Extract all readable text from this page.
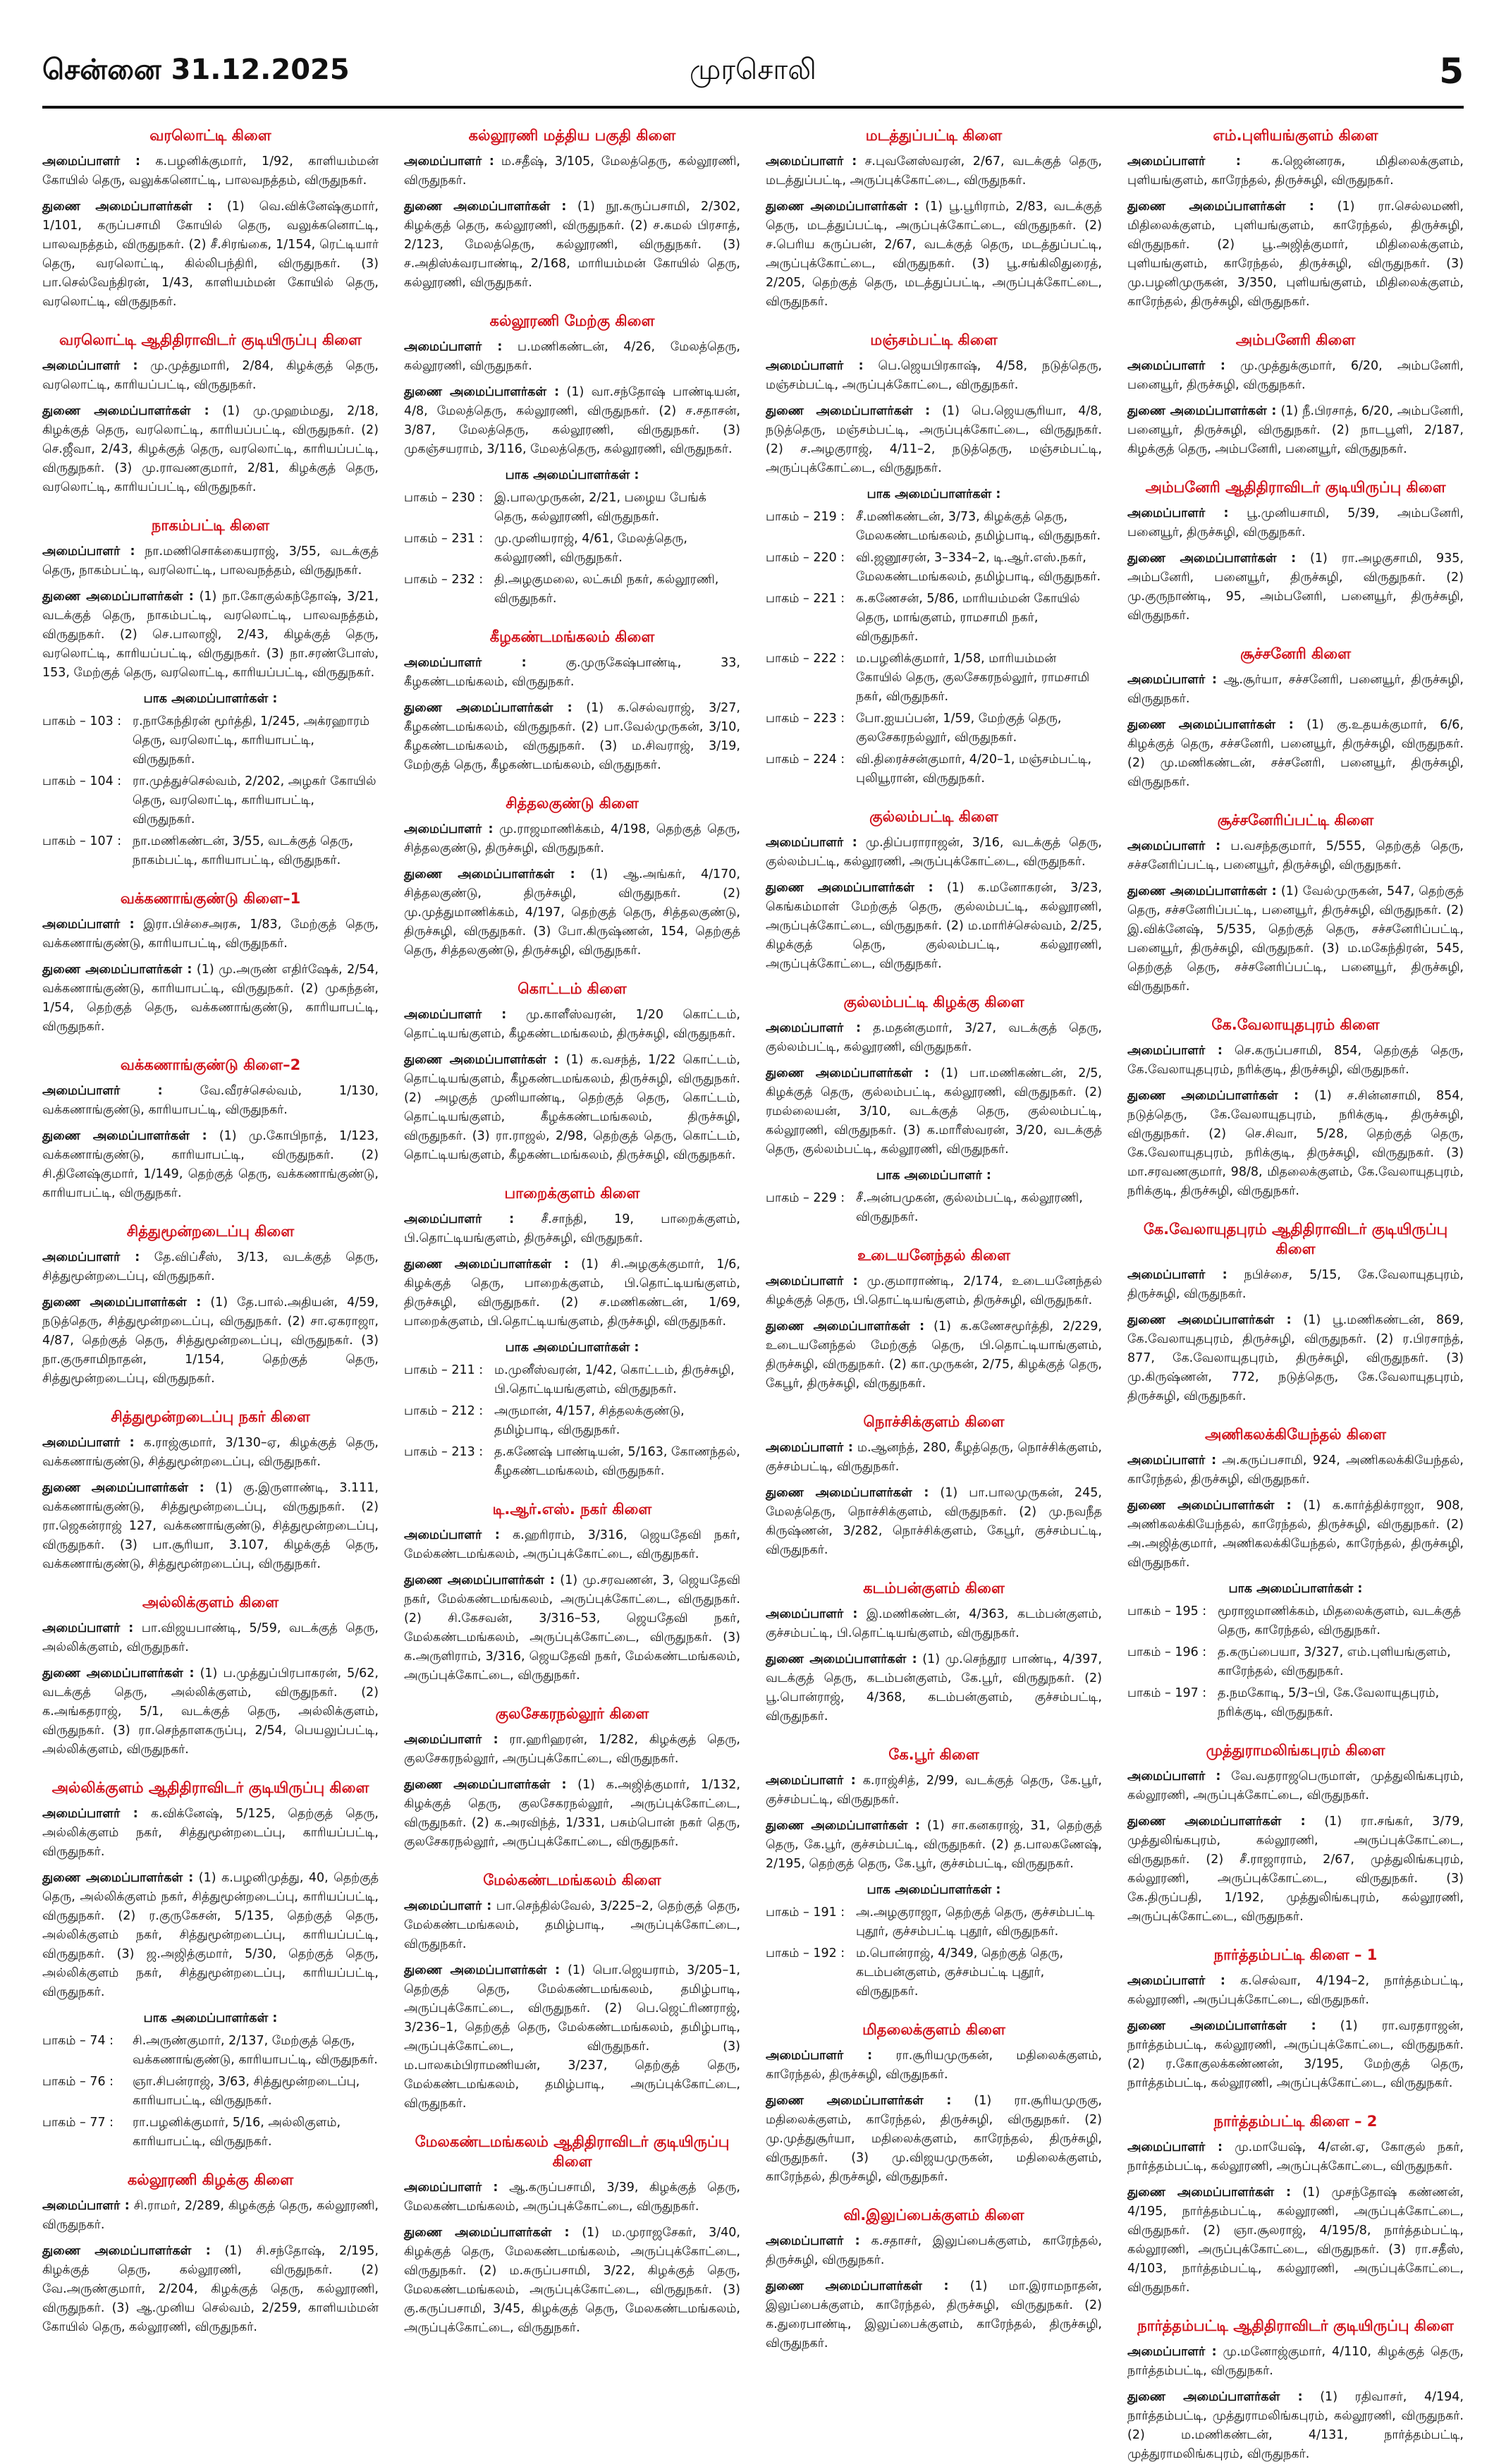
சென்னை 31.12.2025	முரசொலி	5
வரலொட்டி கிளை
அமைப்பாளர் : க.பழனிக்குமார், 1/92, காளியம்மன் கோயில் தெரு, வலுக்கனொட்டி, பாலவநத்தம், விருதுநகர்.
துணை அமைப்பாளர்கள் : (1) வெ.விக்னேஷ்குமார், 1/101, கருப்பசாமி கோயில் தெரு, வலுக்கனொட்டி, பாலவநத்தம், விருதுநகர். (2) சீ.சிரங்கை, 1/154, ரெட்டியார் தெரு, வரலொட்டி, கில்லிபந்திரி, விருதுநகர். (3) பா.செல்வேந்திரன், 1/43, காளியம்மன் கோயில் தெரு, வரலொட்டி, விருதுநகர்.
வரலொட்டி ஆதிதிராவிடர் குடியிருப்பு கிளை
அமைப்பாளர் : மு.முத்துமாரி, 2/84, கிழக்குத் தெரு, வரலொட்டி, காரியப்பட்டி, விருதுநகர்.
துணை அமைப்பாளர்கள் : (1) மு.முஹம்மது, 2/18, கிழக்குத் தெரு, வரலொட்டி, காரியப்பட்டி, விருதுநகர். (2) செ.ஜீவா, 2/43, கிழக்குத் தெரு, வரலொட்டி, காரியப்பட்டி, விருதுநகர். (3) மு.ராவணகுமார், 2/81, கிழக்குத் தெரு, வரலொட்டி, காரியப்பட்டி, விருதுநகர்.
நாகம்பட்டி கிளை
அமைப்பாளர் : நா.மணிசொக்கையராஜ், 3/55, வடக்குத் தெரு, நாகம்பட்டி, வரலொட்டி, பாலவநத்தம், விருதுநகர்.
துணை அமைப்பாளர்கள் : (1) நா.கோகுல்கந்தோஷ், 3/21, வடக்குத் தெரு, நாகம்பட்டி, வரலொட்டி, பாலவநத்தம், விருதுநகர். (2) செ.பாலாஜி, 2/43, கிழக்குத் தெரு, வரலொட்டி, காரியப்பட்டி, விருதுநகர். (3) நா.சரண்போஸ், 153, மேற்குத் தெரு, வரலொட்டி, காரியப்பட்டி, விருதுநகர்.
பாக அமைப்பாளர்கள் :
பாகம் – 103 : ர.நாகேந்திரன் மூர்த்தி, 1/245, அக்ரஹாரம் தெரு, வரலொட்டி, காரியாபட்டி, விருதுநகர்.
பாகம் – 104 : ரா.முத்துச்செல்வம், 2/202, அழகர் கோயில் தெரு, வரலொட்டி, காரியாபட்டி, விருதுநகர்.
பாகம் – 107 : நா.மணிகண்டன், 3/55, வடக்குத் தெரு, நாகம்பட்டி, காரியாபட்டி, விருதுநகர்.
வக்கணாங்குண்டு கிளை–1
அமைப்பாளர் : இரா.பிச்சைஅரசு, 1/83, மேற்குத் தெரு, வக்கணாங்குண்டு, காரியாபட்டி, விருதுநகர்.
துணை அமைப்பாளர்கள் : (1) மு.அருண் எதிர்ஷேக், 2/54, வக்கணாங்குண்டு, காரியாபட்டி, விருதுநகர். (2) முகந்தன், 1/54, தெற்குத் தெரு, வக்கணாங்குண்டு, காரியாபட்டி, விருதுநகர்.
வக்கணாங்குண்டு கிளை–2
அமைப்பாளர் :	வே.வீரச்செல்வம், 1/130, வக்கணாங்குண்டு, காரியாபட்டி, விருதுநகர்.
துணை அமைப்பாளர்கள் : (1) மு.கோபிநாத், 1/123, வக்கணாங்குண்டு, காரியாபட்டி, விருதுநகர். (2) சி.தினேஷ்குமார், 1/149, தெற்குத் தெரு, வக்கணாங்குண்டு, காரியாபட்டி, விருதுநகர்.
சித்துமூன்றடைப்பு கிளை
அமைப்பாளர் : தே.விப்சீஸ், 3/13, வடக்குத் தெரு, சித்துமூன்றடைப்பு, விருதுநகர்.
துணை அமைப்பாளர்கள் : (1) தே.பால்.அதியன், 4/59, நடுத்தெரு, சித்துமூன்றடைப்பு, விருதுநகர். (2) சா.ஏகராஜா, 4/87, தெற்குத் தெரு, சித்துமூன்றடைப்பு, விருதுநகர். (3) நா.குருசாமிநாதன், 1/154, தெற்குத் தெரு, சித்துமூன்றடைப்பு, விருதுநகர்.
சித்துமூன்றடைப்பு நகர் கிளை
அமைப்பாளர் : க.ராஜ்குமார், 3/130–ஏ, கிழக்குத் தெரு, வக்கணாங்குண்டு, சித்துமூன்றடைப்பு, விருதுநகர்.
துணை அமைப்பாளர்கள் : (1) கு.இருளாண்டி, 3.111, வக்கணாங்குண்டு, சித்துமூன்றடைப்பு, விருதுநகர். (2) ரா.ஜெகன்ராஜ் 127, வக்கணாங்குண்டு, சித்துமூன்றடைப்பு, விருதுநகர். (3) பா.சூரியா, 3.107, கிழக்குத் தெரு, வக்கணாங்குண்டு, சித்துமூன்றடைப்பு, விருதுநகர்.
அல்லிக்குளம் கிளை
அமைப்பாளர் : பா.விஜயபாண்டி, 5/59, வடக்குத் தெரு, அல்லிக்குளம், விருதுநகர்.
துணை அமைப்பாளர்கள் : (1) ப.முத்துப்பிரபாகரன், 5/62, வடக்குத் தெரு, அல்லிக்குளம், விருதுநகர். (2) க.அங்கதராஜ், 5/1, வடக்குத் தெரு, அல்லிக்குளம், விருதுநகர். (3) ரா.செந்தாளகருப்பு, 2/54, பெயலுப்பட்டி, அல்லிக்குளம், விருதுநகர்.
அல்லிக்குளம் ஆதிதிராவிடர் குடியிருப்பு கிளை
அமைப்பாளர் : க.விக்னேஷ், 5/125, தெற்குத் தெரு, அல்லிக்குளம் நகர், சித்துமூன்றடைப்பு, காரியப்பட்டி, விருதுநகர்.
துணை அமைப்பாளர்கள் : (1) க.பழனிமுத்து, 40, தெற்குத் தெரு, அல்லிக்குளம் நகர், சித்துமூன்றடைப்பு, காரியப்பட்டி, விருதுநகர். (2) ர.குருகேசன், 5/135, தெற்குத் தெரு, அல்லிக்குளம் நகர், சித்துமூன்றடைப்பு, காரியப்பட்டி, விருதுநகர். (3) ஜ.அஜித்குமார், 5/30, தெற்குத் தெரு, அல்லிக்குளம் நகர், சித்துமூன்றடைப்பு, காரியப்பட்டி, விருதுநகர்.
பாக அமைப்பாளர்கள் :
பாகம் – 74 :	சி.அருண்குமார், 2/137, மேற்குத் தெரு, வக்கணாங்குண்டு, காரியாபட்டி, விருதுநகர்.
பாகம் – 76 :	ஞா.சிபன்ராஜ், 3/63, சித்துமூன்றடைப்பு, காரியாபட்டி, விருதுநகர்.
பாகம் – 77 :	ரா.பழனிக்குமார், 5/16, அல்லிகுளம், காரியாபட்டி, விருதுநகர்.
கல்லூரணி கிழக்கு கிளை
அமைப்பாளர் : சி.ராமர், 2/289, கிழக்குத் தெரு, கல்லூரணி, விருதுநகர்.
துணை அமைப்பாளர்கள் : (1) சி.சந்தோஷ், 2/195, கிழக்குத் தெரு, கல்லூரணி, விருதுநகர். (2) வே.அருண்குமார், 2/204, கிழக்குத் தெரு, கல்லூரணி, விருதுநகர். (3) ஆ.முனிய செல்வம், 2/259, காளியம்மன் கோயில் தெரு, கல்லூரணி, விருதுநகர்.
கல்லூரணி மத்திய பகுதி கிளை
அமைப்பாளர் : ம.சதீஷ், 3/105, மேலத்தெரு, கல்லூரணி, விருதுநகர்.
துணை அமைப்பாளர்கள் : (1) நூ.கருப்பசாமி, 2/302, கிழக்குத் தெரு, கல்லூரணி, விருதுநகர். (2) ச.கமல் பிரசாத், 2/123, மேலத்தெரு, கல்லூரணி, விருதுநகர். (3) ச.அதிஸ்க்வரபாண்டி, 2/168, மாரியம்மன் கோயில் தெரு, கல்லூரணி, விருதுநகர்.
கல்லூரணி மேற்கு கிளை
அமைப்பாளர் : ப.மணிகண்டன், 4/26, மேலத்தெரு, கல்லூரணி, விருதுநகர்.
துணை அமைப்பாளர்கள் : (1) வா.சந்தோஷ் பாண்டியன், 4/8, மேலத்தெரு, கல்லூரணி, விருதுநகர். (2) ச.சதாசன், 3/87, மேலத்தெரு, கல்லூரணி, விருதுநகர். (3) முகஞ்சயராம், 3/116, மேலத்தெரு, கல்லூரணி, விருதுநகர்.
பாக அமைப்பாளர்கள் :
பாகம் – 230 : இ.பாலமுருகன், 2/21, பழைய பேங்க் தெரு, கல்லூரணி, விருதுநகர்.
பாகம் – 231 : மு.முனியராஜ், 4/61, மேலத்தெரு, கல்லூரணி, விருதுநகர்.
பாகம் – 232 : தி.அழகுமலை, லட்சுமி நகர், கல்லூரணி, விருதுநகர்.
கீழகண்டமங்கலம் கிளை
அமைப்பாளர் :	கு.முருகேஷ்பாண்டி, 33, கீழகண்டமங்கலம், விருதுநகர்.
துணை அமைப்பாளர்கள் : (1) க.செல்வராஜ், 3/27, கீழகண்டமங்கலம், விருதுநகர். (2) பா.வேல்முருகன், 3/10, கீழகண்டமங்கலம், விருதுநகர். (3) ம.சிவராஜ், 3/19, மேற்குத் தெரு, கீழகண்டமங்கலம், விருதுநகர்.
சித்தலகுண்டு கிளை
அமைப்பாளர் : மு.ராஜமாணிக்கம், 4/198, தெற்குத் தெரு, சித்தலகுண்டு, திருச்சுழி, விருதுநகர்.
துணை அமைப்பாளர்கள் : (1) ஆ.அங்கர், 4/170, சித்தலகுண்டு, திருச்சுழி, விருதுநகர். (2) மு.முத்துமாணிக்கம், 4/197, தெற்குத் தெரு, சித்தலகுண்டு, திருச்சுழி, விருதுநகர். (3) போ.கிருஷ்ணன், 154, தெற்குத் தெரு, சித்தலகுண்டு, திருச்சுழி, விருதுநகர்.
கொட்டம் கிளை
அமைப்பாளர் : மு.காளீஸ்வரன், 1/20 கொட்டம், தொட்டியங்குளம், கீழகண்டமங்கலம், திருச்சுழி, விருதுநகர்.
துணை அமைப்பாளர்கள் : (1) க.வசந்த், 1/22 கொட்டம், தொட்டியங்குளம், கீழகண்டமங்கலம், திருச்சுழி, விருதுநகர். (2) அழகுத் முனியாண்டி, தெற்குத் தெரு, கொட்டம், தொட்டியங்குளம், கீழக்கண்டமங்கலம், திருச்சுழி, விருதுநகர். (3) ரா.ராஜல், 2/98, தெற்குத் தெரு, கொட்டம், தொட்டியங்குளம், கீழகண்டமங்கலம், திருச்சுழி, விருதுநகர்.
பாறைக்குளம் கிளை
அமைப்பாளர் : சீ.சாந்தி, 19, பாறைக்குளம், பி.தொட்டியங்குளம், திருச்சுழி, விருதுநகர்.
துணை அமைப்பாளர்கள் : (1) சி.அழகுக்குமார், 1/6, கிழக்குத் தெரு, பாறைக்குளம், பி.தொட்டியங்குளம், திருச்சுழி, விருதுநகர். (2) ச.மணிகண்டன், 1/69, பாறைக்குளம், பி.தொட்டியங்குளம், திருச்சுழி, விருதுநகர்.
பாக அமைப்பாளர்கள் :
பாகம் – 211 : ம.முனீஸ்வரன், 1/42, கொட்டம், திருச்சுழி, பி.தொட்டியங்குளம், விருதுநகர்.
பாகம் – 212 : அருமான், 4/157, சித்தலக்குண்டு, தமிழ்பாடி, விருதுநகர்.
பாகம் – 213 : த.கணேஷ் பாண்டியன், 5/163, கோணந்தல், கீழகண்டமங்கலம், விருதுநகர்.
டி.ஆர்.எஸ். நகர் கிளை
அமைப்பாளர் : க.ஹரிராம், 3/316, ஜெயதேவி நகர், மேல்கண்டமங்கலம், அருப்புக்கோட்டை, விருதுநகர்.
துணை அமைப்பாளர்கள் : (1) மு.சரவணன், 3, ஜெயதேவி நகர், மேல்கண்டமங்கலம், அருப்புக்கோட்டை, விருதுநகர். (2) சி.கேசவன், 3/316–53, ஜெயதேவி நகர், மேல்கண்டமங்கலம், அருப்புக்கோட்டை, விருதுநகர். (3) க.அருளிராம், 3/316, ஜெயதேவி நகர், மேல்கண்டமங்கலம், அருப்புக்கோட்டை, விருதுநகர்.
குலசேகரநல்லூர் கிளை
அமைப்பாளர் : ரா.ஹரிஹரன், 1/282, கிழக்குத் தெரு, குலசேகரநல்லூர், அருப்புக்கோட்டை, விருதுநகர்.
துணை அமைப்பாளர்கள் : (1) க.அஜித்குமார், 1/132, கிழக்குத் தெரு, குலசேகரநல்லூர், அருப்புக்கோட்டை, விருதுநகர். (2) க.அரவிந்த், 1/331, பசும்பொன் நகர் தெரு, குலசேகரநல்லூர், அருப்புக்கோட்டை, விருதுநகர்.
மேல்கண்டமங்கலம் கிளை
அமைப்பாளர் : பா.செந்தில்வேல், 3/225–2, தெற்குத் தெரு, மேல்கண்டமங்கலம், தமிழ்பாடி, அருப்புக்கோட்டை, விருதுநகர்.
துணை அமைப்பாளர்கள் : (1) பொ.ஜெயராம், 3/205–1, தெற்குத் தெரு, மேல்கண்டமங்கலம், தமிழ்பாடி, அருப்புக்கோட்டை, விருதுநகர். (2) பெ.ஜெட்ரிணராஜ், 3/236–1, தெற்குத் தெரு, மேல்கண்டமங்கலம், தமிழ்பாடி, அருப்புக்கோட்டை, விருதுநகர். (3) ம.பாலகம்பிராமணியன், 3/237, தெற்குத் தெரு, மேல்கண்டமங்கலம், தமிழ்பாடி, அருப்புக்கோட்டை, விருதுநகர்.
மேலகண்டமங்கலம் ஆதிதிராவிடர் குடியிருப்பு கிளை
அமைப்பாளர் : ஆ.கருப்பசாமி, 3/39, கிழக்குத் தெரு, மேலகண்டமங்கலம், அருப்புக்கோட்டை, விருதுநகர்.
துணை அமைப்பாளர்கள் : (1) ம.முராஜசேகர், 3/40, கிழக்குத் தெரு, மேலகண்டமங்கலம், அருப்புக்கோட்டை, விருதுநகர். (2) ம.சுருப்பசாமி, 3/22, கிழக்குத் தெரு, மேலகண்டமங்கலம், அருப்புக்கோட்டை, விருதுநகர். (3) கு.கருப்பசாமி, 3/45, கிழக்குத் தெரு, மேலகண்டமங்கலம், அருப்புக்கோட்டை, விருதுநகர்.
மடத்துப்பட்டி கிளை
அமைப்பாளர் : ச.புவனேஸ்வரன், 2/67, வடக்குத் தெரு, மடத்துப்பட்டி, அருப்புக்கோட்டை, விருதுநகர்.
துணை அமைப்பாளர்கள் : (1) பூ.பூரிராம், 2/83, வடக்குத் தெரு, மடத்துப்பட்டி, அருப்புக்கோட்டை, விருதுநகர். (2) ச.பெரிய கருப்பன், 2/67, வடக்குத் தெரு, மடத்துப்பட்டி, அருப்புக்கோட்டை, விருதுநகர். (3) பூ.சங்கிலிதுரைத், 2/205, தெற்குத் தெரு, மடத்துப்பட்டி, அருப்புக்கோட்டை, விருதுநகர்.
மஞ்சம்பட்டி கிளை
அமைப்பாளர் : பெ.ஜெயபிரகாஷ், 4/58, நடுத்தெரு, மஞ்சம்பட்டி, அருப்புக்கோட்டை, விருதுநகர்.
துணை அமைப்பாளர்கள் : (1) பெ.ஜெயசூரியா, 4/8, நடுத்தெரு, மஞ்சம்பட்டி, அருப்புக்கோட்டை, விருதுநகர். (2) ச.அழகுராஜ், 4/11–2, நடுத்தெரு, மஞ்சம்பட்டி, அருப்புக்கோட்டை, விருதுநகர்.
பாக அமைப்பாளர்கள் :
பாகம் – 219 : சீ.மணிகண்டன், 3/73, கிழக்குத் தெரு, மேலகண்டமங்கலம், தமிழ்பாடி, விருதுநகர்.
பாகம் – 220 : வி.ஜனூசரன், 3–334–2, டி.ஆர்.எஸ்.நகர், மேலகண்டமங்கலம், தமிழ்பாடி, விருதுநகர்.
பாகம் – 221 : க.கணேசன், 5/86, மாரியம்மன் கோயில் தெரு, மாங்குளம், ராமசாமி நகர், விருதுநகர்.
பாகம் – 222 : ம.பழனிக்குமார், 1/58, மாரியம்மன் கோயில் தெரு, குலசேகரநல்லூர், ராமசாமி நகர், விருதுநகர்.
பாகம் – 223 : போ.ஐயப்பன், 1/59, மேற்குத் தெரு, குலசேகரநல்லூர், விருதுநகர்.
பாகம் – 224 : வி.திரைச்சன்குமார், 4/20–1, மஞ்சம்பட்டி, புலியூரான், விருதுநகர்.
குல்லம்பட்டி கிளை
அமைப்பாளர் : மு.திப்பராராஜன், 3/16, வடக்குத் தெரு, குல்லம்பட்டி, கல்லூரணி, அருப்புக்கோட்டை, விருதுநகர்.
துணை அமைப்பாளர்கள் : (1) க.மனோகரன், 3/23, கெங்கம்மாள் மேற்குத் தெரு, குல்லம்பட்டி, கல்லூரணி, அருப்புக்கோட்டை, விருதுநகர். (2) ம.மாரிச்செல்வம், 2/25, கிழக்குத் தெரு, குல்லம்பட்டி, கல்லூரணி, அருப்புக்கோட்டை, விருதுநகர்.
குல்லம்பட்டி கிழக்கு கிளை
அமைப்பாளர் : த.மதன்குமார், 3/27, வடக்குத் தெரு, குல்லம்பட்டி, கல்லூரணி, விருதுநகர்.
துணை அமைப்பாளர்கள் : (1) பா.மணிகண்டன், 2/5, கிழக்குத் தெரு, குல்லம்பட்டி, கல்லூரணி, விருதுநகர். (2) ரமல்லையன், 3/10, வடக்குத் தெரு, குல்லம்பட்டி, கல்லூரணி, விருதுநகர். (3) க.மாரீஸ்வரன், 3/20, வடக்குத் தெரு, குல்லம்பட்டி, கல்லூரணி, விருதுநகர்.
பாக அமைப்பாளர் :
பாகம் – 229 : சீ.அன்பமுகன், குல்லம்பட்டி, கல்லூரணி, விருதுநகர்.
உடையனேந்தல் கிளை
அமைப்பாளர் : மு.குமாராண்டி, 2/174, உடையனேந்தல் கிழக்குத் தெரு, பி.தொட்டியங்குளம், திருச்சுழி, விருதுநகர்.
துணை அமைப்பாளர்கள் : (1) க.கணேசமூர்த்தி, 2/229, உடையனேந்தல் மேற்குத் தெரு, பி.தொட்டியாங்குளம், திருச்சுழி, விருதுநகர். (2) கா.முருகன், 2/75, கிழக்குத் தெரு, கேபூர், திருச்சுழி, விருதுநகர்.
நொச்சிக்குளம் கிளை
அமைப்பாளர் : ம.ஆனந்த், 280, கீழத்தெரு, நொச்சிக்குளம், குச்சம்பட்டி, விருதுநகர்.
துணை அமைப்பாளர்கள் : (1) பா.பாலமுருகன், 245, மேலத்தெரு, நொச்சிக்குளம், விருதுநகர். (2) மு.நவநீத கிருஷ்ணன், 3/282, நொச்சிக்குளம், கேபூர், குச்சம்பட்டி, விருதுநகர்.
கடம்பன்குளம் கிளை
அமைப்பாளர் : இ.மணிகண்டன், 4/363, கடம்பன்குளம், குச்சம்பட்டி, பி.தொட்டியங்குளம், விருதுநகர்.
துணை அமைப்பாளர்கள் : (1) மு.செந்தூர பாண்டி, 4/397, வடக்குத் தெரு, கடம்பன்குளம், கே.பூர், விருதுநகர். (2) பூ.பொன்ராஜ், 4/368, கடம்பன்குளம், குச்சம்பட்டி, விருதுநகர்.
கே.பூர் கிளை
அமைப்பாளர் : க.ராஜ்சித், 2/99, வடக்குத் தெரு, கே.பூர், குச்சம்பட்டி, விருதுநகர்.
துணை அமைப்பாளர்கள் : (1) சா.கனகராஜ், 31, தெற்குத் தெரு, கே.பூர், குச்சம்பட்டி, விருதுநகர். (2) த.பாலகணேஷ், 2/195, தெற்குத் தெரு, கே.பூர், குச்சம்பட்டி, விருதுநகர்.
பாக அமைப்பாளர்கள் :
பாகம் – 191 : அ.அழகுராஜா, தெற்குத் தெரு, குச்சம்பட்டி புதூர், குச்சம்பட்டி புதூர், விருதுநகர்.
பாகம் – 192 : ம.பொன்ராஜ், 4/349, தெற்குத் தெரு, கடம்பன்குளம், குச்சம்பட்டி புதூர், விருதுநகர்.
மிதலைக்குளம் கிளை
அமைப்பாளர் : ரா.சூரியமுருகன், மதிலைக்குளம், காரேந்தல், திருச்சுழி, விருதுநகர்.
துணை அமைப்பாளர்கள் : (1) ரா.சூரியமுருகு, மதிலைக்குளம், காரேந்தல், திருச்சுழி, விருதுநகர். (2) மு.முத்துசூர்யா, மதிலைக்குளம், காரேந்தல், திருச்சுழி, விருதுநகர். (3) மு.விஜயமுருகன், மதிலைக்குளம், காரேந்தல், திருச்சுழி, விருதுநகர்.
வி.இலுப்பைக்குளம் கிளை
அமைப்பாளர் : க.சதாசர், இலுப்பைக்குளம், காரேந்தல், திருச்சுழி, விருதுநகர்.
துணை அமைப்பாளர்கள் : (1) மா.இராமநாதன், இலுப்பைக்குளம், காரேந்தல், திருச்சுழி, விருதுநகர். (2) க.துரைபாண்டி, இலுப்பைக்குளம், காரேந்தல், திருச்சுழி, விருதுநகர்.
எம்.புளியங்குளம் கிளை
அமைப்பாளர் : க.ஜென்னரசு, மிதிலைக்குளம், புளியங்குளம், காரேந்தல், திருச்சுழி, விருதுநகர்.
துணை அமைப்பாளர்கள் : (1) ரா.செல்லமணி, மிதிலைக்குளம், புளியங்குளம், காரேந்தல், திருச்சுழி, விருதுநகர். (2) பூ.அஜித்குமார், மிதிலைக்குளம், புளியங்குளம், காரேந்தல், திருச்சுழி, விருதுநகர். (3) மு.பழனிமுருகன், 3/350, புளியங்குளம், மிதிலைக்குளம், காரேந்தல், திருச்சுழி, விருதுநகர்.
அம்பனேரி கிளை
அமைப்பாளர் : மு.முத்துக்குமார், 6/20, அம்பனேரி, பனையூர், திருச்சுழி, விருதுநகர்.
துணை அமைப்பாளர்கள் : (1) நீ.பிரசாத், 6/20, அம்பனேரி, பனையூர், திருச்சுழி, விருதுநகர். (2) நாடபூளி, 2/187, கிழக்குத் தெரு, அம்பனேரி, பனையூர், விருதுநகர்.
அம்பனேரி ஆதிதிராவிடர் குடியிருப்பு கிளை
அமைப்பாளர் : பூ.முனியசாமி, 5/39, அம்பனேரி, பனையூர், திருச்சுழி, விருதுநகர்.
துணை அமைப்பாளர்கள் : (1) ரா.அழகுசாமி, 935, அம்பனேரி, பனையூர், திருச்சுழி, விருதுநகர். (2) மு.குருநாண்டி, 95, அம்பனேரி, பனையூர், திருச்சுழி, விருதுநகர்.
சூச்சனேரி கிளை
அமைப்பாளர் : ஆ.சூர்யா, சச்சனேரி, பனையூர், திருச்சுழி, விருதுநகர்.
துணை அமைப்பாளர்கள் : (1) கு.உதயக்குமார், 6/6, கிழக்குத் தெரு, சச்சனேரி, பனையூர், திருச்சுழி, விருதுநகர். (2) மு.மணிகண்டன், சச்சனேரி, பனையூர், திருச்சுழி, விருதுநகர்.
சூச்சனேரிப்பட்டி கிளை
அமைப்பாளர் : ப.வசந்தகுமார், 5/555, தெற்குத் தெரு, சச்சனேரிப்பட்டி, பனையூர், திருச்சுழி, விருதுநகர்.
துணை அமைப்பாளர்கள் : (1) வேல்முருகன், 547, தெற்குத் தெரு, சச்சனேரிப்பட்டி, பனையூர், திருச்சுழி, விருதுநகர். (2) இ.விக்னேஷ், 5/535, தெற்குத் தெரு, சச்சனேரிப்பட்டி, பனையூர், திருச்சுழி, விருதுநகர். (3) ம.மகேந்திரன், 545, தெற்குத் தெரு, சச்சனேரிப்பட்டி, பனையூர், திருச்சுழி, விருதுநகர்.
கே.வேலாயுதபுரம் கிளை
அமைப்பாளர் : செ.கருப்பசாமி, 854, தெற்குத் தெரு, கே.வேலாயுதபுரம், நரிக்குடி, திருச்சுழி, விருதுநகர்.
துணை அமைப்பாளர்கள் : (1) ச.சின்னசாமி, 854, நடுத்தெரு, கே.வேலாயுதபுரம், நரிக்குடி, திருச்சுழி, விருதுநகர். (2) செ.சிவா, 5/28, தெற்குத் தெரு, கே.வேலாயுதபுரம், நரிக்குடி, திருச்சுழி, விருதுநகர். (3) மா.சரவணகுமார், 98/8, மிதலைக்குளம், கே.வேலாயுதபுரம், நரிக்குடி, திருச்சுழி, விருதுநகர்.
கே.வேலாயுதபுரம் ஆதிதிராவிடர் குடியிருப்பு கிளை
அமைப்பாளர் : நபிச்சை, 5/15, கே.வேலாயுதபுரம், திருச்சுழி, விருதுநகர்.
துணை அமைப்பாளர்கள் : (1) பூ.மணிகண்டன், 869, கே.வேலாயுதபுரம், திருச்சுழி, விருதுநகர். (2) ர.பிரசாந்த், 877, கே.வேலாயுதபுரம், திருச்சுழி, விருதுநகர். (3) மு.கிருஷ்ணன், 772, நடுத்தெரு, கே.வேலாயுதபுரம், திருச்சுழி, விருதுநகர்.
அணிகலக்கியேந்தல் கிளை
அமைப்பாளர் : அ.கருப்பசாமி, 924, அணிகலக்கியேந்தல், காரேந்தல், திருச்சுழி, விருதுநகர்.
துணை அமைப்பாளர்கள் : (1) க.கார்த்திக்ராஜா, 908, அணிகலக்கியேந்தல், காரேந்தல், திருச்சுழி, விருதுநகர். (2) அ.அஜித்குமார், அணிகலக்கியேந்தல், காரேந்தல், திருச்சுழி, விருதுநகர்.
பாக அமைப்பாளர்கள் :
பாகம் – 195 : மூராஜமாணிக்கம், மிதலைக்குளம், வடக்குத் தெரு, காரேந்தல், விருதுநகர்.
பாகம் – 196 : த.கருப்பையா, 3/327, எம்.புளியங்குளம், காரேந்தல், விருதுநகர்.
பாகம் – 197 : த.நமகோடி, 5/3–பி, கே.வேலாயுதபுரம், நரிக்குடி, விருதுநகர்.
முத்துராமலிங்கபுரம் கிளை
அமைப்பாளர் : வே.வதராஜபெருமாள், முத்துலிங்கபுரம், கல்லூரணி, அருப்புக்கோட்டை, விருதுநகர்.
துணை அமைப்பாளர்கள் : (1) ரா.சங்கர், 3/79, முத்துலிங்கபுரம், கல்லூரணி, அருப்புக்கோட்டை, விருதுநகர். (2) சீ.ராஜாராம், 2/67, முத்துலிங்கபுரம், கல்லூரணி, அருப்புக்கோட்டை, விருதுநகர். (3) கே.திருப்பதி, 1/192, முத்துலிங்கபுரம், கல்லூரணி, அருப்புக்கோட்டை, விருதுநகர்.
நார்த்தம்பட்டி கிளை – 1
அமைப்பாளர் : க.செல்வா, 4/194–2, நார்த்தம்பட்டி, கல்லூரணி, அருப்புக்கோட்டை, விருதுநகர்.
துணை அமைப்பாளர்கள் : (1) ரா.வரதராஜன், நார்த்தம்பட்டி, கல்லூரணி, அருப்புக்கோட்டை, விருதுநகர். (2) ர.கோகுலக்கண்ணன், 3/195, மேற்குத் தெரு, நார்த்தம்பட்டி, கல்லூரணி, அருப்புக்கோட்டை, விருதுநகர்.
நார்த்தம்பட்டி கிளை – 2
அமைப்பாளர் : மு.மாயேஷ், 4/என்.ஏ, கோகுல் நகர், நார்த்தம்பட்டி, கல்லூரணி, அருப்புக்கோட்டை, விருதுநகர்.
துணை அமைப்பாளர்கள் : (1) முசந்தோஷ் கண்ணன், 4/195, நார்த்தம்பட்டி, கல்லூரணி, அருப்புக்கோட்டை, விருதுநகர். (2) ஞா.சூலராஜ், 4/195/8, நார்த்தம்பட்டி, கல்லூரணி, அருப்புக்கோட்டை, விருதுநகர். (3) ரா.சதீஸ், 4/103, நார்த்தம்பட்டி, கல்லூரணி, அருப்புக்கோட்டை, விருதுநகர்.
நார்த்தம்பட்டி ஆதிதிராவிடர் குடியிருப்பு கிளை
அமைப்பாளர் : மு.மனோஜ்குமார், 4/110, கிழக்குத் தெரு, நார்த்தம்பட்டி, விருதுநகர்.
துணை அமைப்பாளர்கள் : (1) ரதிவாசர், 4/194, நார்த்தம்பட்டி, முத்துராமலிங்கபுரம், கல்லூரணி, விருதுநகர். (2) ம.மணிகண்டன், 4/131, நார்த்தம்பட்டி, முத்துராமலிங்கபுரம், விருதுநகர்.
